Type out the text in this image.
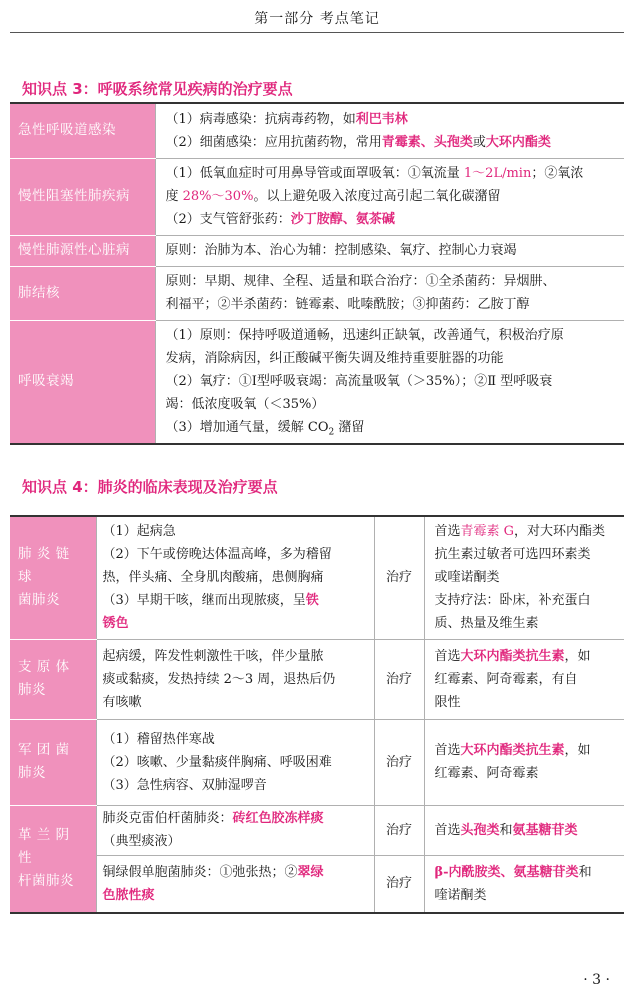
第一部分 考点笔记
知识点 3：呼吸系统常见疾病的治疗要点
急性呼吸道感染	（1）病毒感染：抗病毒药物，如利巴韦林
（2）细菌感染：应用抗菌药物，常用青霉素、头孢类或大环内酯类

慢性阻塞性肺疾病	（1）低氧血症时可用鼻导管或面罩吸氧：①氧流量 1～2L/min；②氧浓
度 28%～30%。以上避免吸入浓度过高引起二氧化碳潴留
（2）支气管舒张药：沙丁胺醇、氨茶碱

慢性肺源性心脏病	原则：治肺为本、治心为辅：控制感染、氧疗、控制心力衰竭
肺结核	原则：早期、规律、全程、适量和联合治疗：①全杀菌药：异烟肼、
利福平；②半杀菌药：链霉素、吡嗪酰胺；③抑菌药：乙胺丁醇

呼吸衰竭	（1）原则：保持呼吸道通畅，迅速纠正缺氧，改善通气，积极治疗原
发病，消除病因，纠正酸碱平衡失调及维持重要脏器的功能
（2）氧疗：①Ⅰ型呼吸衰竭：高流量吸氧（＞35%）；②Ⅱ 型呼吸衰
竭：低浓度吸氧（＜35%）
（3）增加通气量，缓解 $CO_2$ 潴留
知识点 4：肺炎的临床表现及治疗要点
肺 炎 链 球
菌肺炎	（1）起病急
（2）下午或傍晚达体温高峰，多为稽留
热，伴头痛、全身肌肉酸痛，患侧胸痛
（3）早期干咳，继而出现脓痰，呈铁
锈色	治疗	首选青霉素 G，对大环内酯类
抗生素过敏者可选四环素类
或喹诺酮类
支持疗法：卧床，补充蛋白
质、热量及维生素

支 原 体
肺炎	起病缓，阵发性刺激性干咳，伴少量脓
痰或黏痰，发热持续 2～3 周，退热后仍
有咳嗽	治疗	首选大环内酯类抗生素，如
红霉素、阿奇霉素，有自
限性

军 团 菌
肺炎	（1）稽留热伴寒战
（2）咳嗽、少量黏痰伴胸痛、呼吸困难
（3）急性病容、双肺湿啰音	治疗	首选大环内酯类抗生素，如
红霉素、阿奇霉素

革 兰 阴 性
杆菌肺炎	肺炎克雷伯杆菌肺炎：砖红色胶冻样痰
（典型痰液）	治疗	首选头孢类和氨基糖苷类

	铜绿假单胞菌肺炎：①弛张热；②翠绿
色脓性痰	治疗	β-内酰胺类、氨基糖苷类和
喹诺酮类
· 3 ·
